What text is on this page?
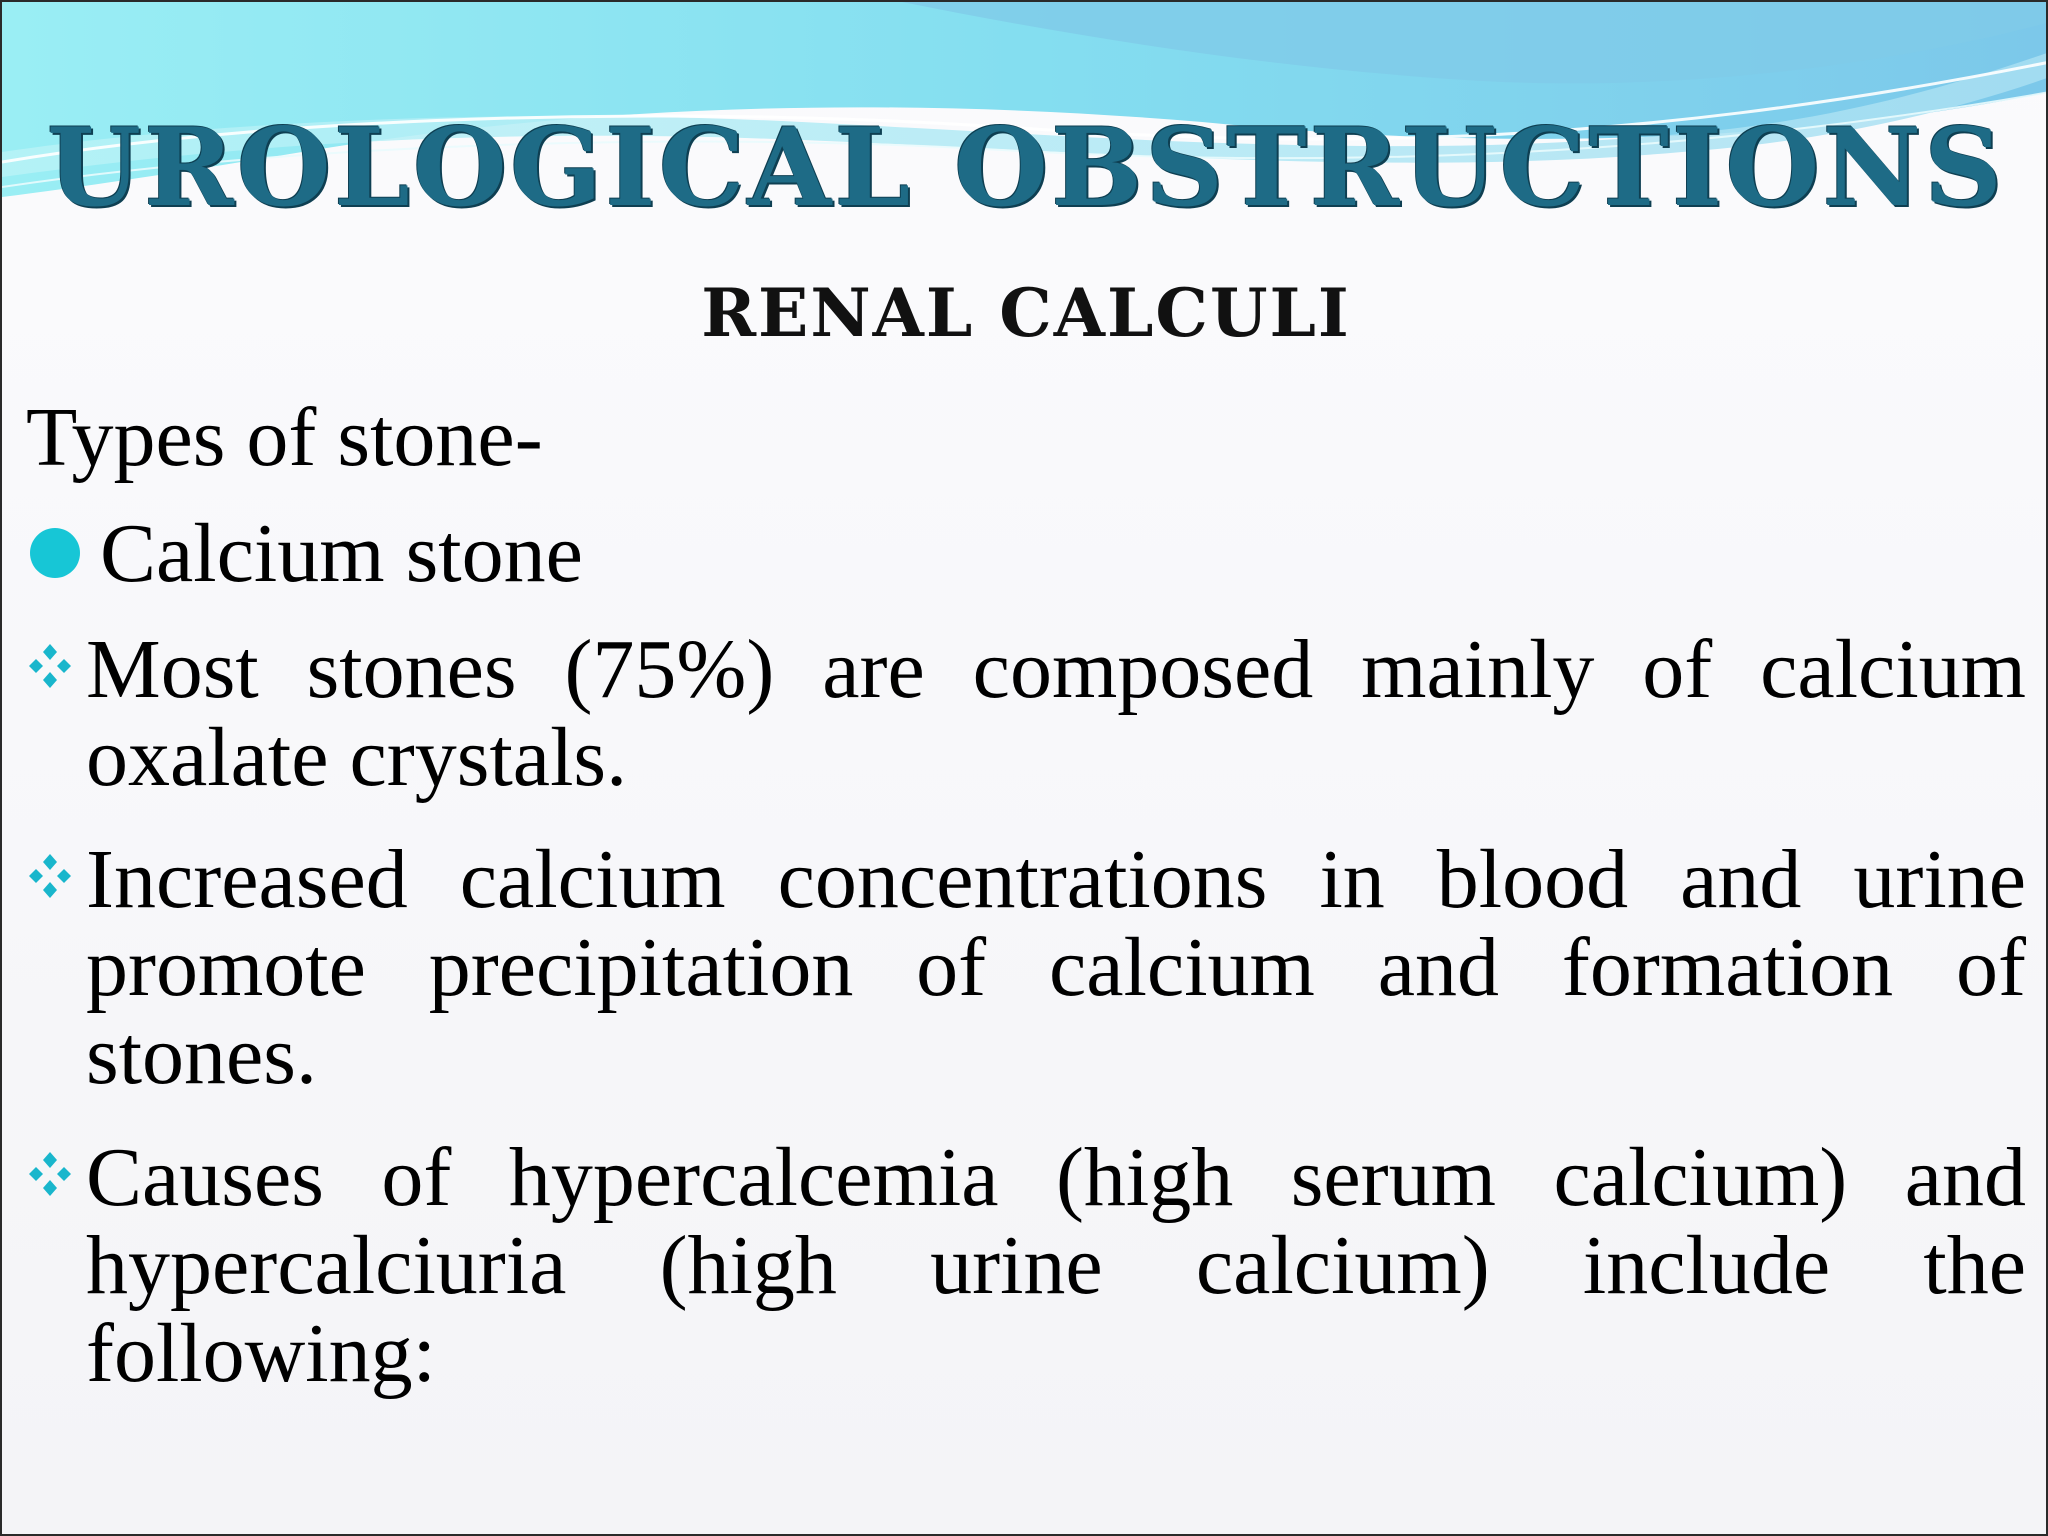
UROLOGICAL OBSTRUCTIONS
RENAL CALCULI
Types of stone-
Calcium stone
Most stones (75%) are composed mainly of calcium oxalate crystals.
Increased calcium concentrations in blood and urine promote precipitation of calcium and formation of stones.
Causes of hypercalcemia (high serum calcium) and hypercalciuria (high urine calcium) include the following:
